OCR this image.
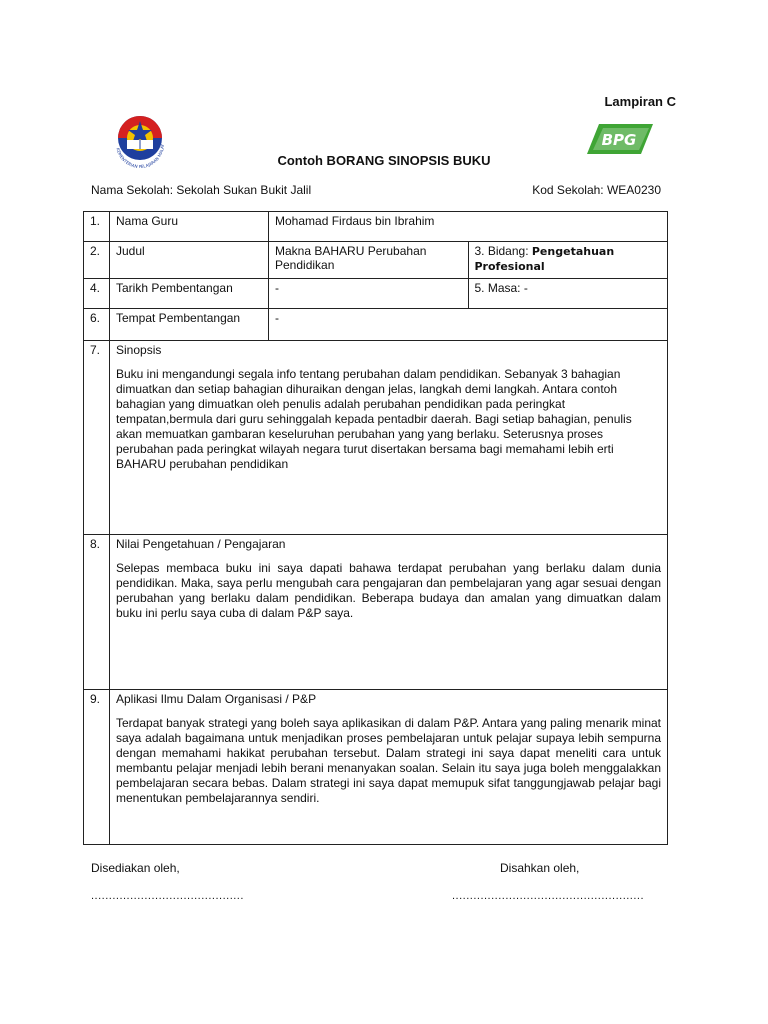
Lampiran C
KEMENTERIAN PELAJARAN MALAY	BPG
Contoh BORANG SINOPSIS BUKU
Nama Sekolah: Sekolah Sukan Bukit Jalil	Kod Sekolah: WEA0230
1.	Nama Guru	Mohamad Firdaus bin Ibrahim	
2.	Judul	Makna BAHARU Perubahan Pendidikan	3. Bidang: Pengetahuan Profesional
4.	Tarikh Pembentangan	-	5. Masa: -
6.	Tempat Pembentangan	-	
7.	Sinopsis
Buku ini mengandungi segala info tentang perubahan dalam pendidikan. Sebanyak 3 bahagian dimuatkan dan setiap bahagian dihuraikan dengan jelas, langkah demi langkah. Antara contoh bahagian yang dimuatkan oleh penulis adalah perubahan pendidikan pada peringkat tempatan,bermula dari guru sehinggalah kepada pentadbir daerah. Bagi setiap bahagian, penulis akan memuatkan gambaran keseluruhan perubahan yang yang berlaku. Seterusnya proses perubahan pada peringkat wilayah negara turut disertakan bersama bagi memahami lebih erti BAHARU perubahan pendidikan		

8.	Nilai Pengetahuan / Pengajaran
Selepas membaca buku ini saya dapati bahawa terdapat perubahan yang berlaku dalam dunia pendidikan. Maka, saya perlu mengubah cara pengajaran dan pembelajaran yang agar sesuai dengan perubahan yang berlaku dalam pendidikan. Beberapa budaya dan amalan yang dimuatkan dalam buku ini perlu saya cuba di dalam P&P saya.		

9.	Aplikasi Ilmu Dalam Organisasi / P&P
Terdapat banyak strategi yang boleh saya aplikasikan di dalam P&P. Antara yang paling menarik minat saya adalah bagaimana untuk menjadikan proses pembelajaran untuk pelajar supaya lebih sempurna dengan memahami hakikat perubahan tersebut. Dalam strategi ini saya dapat meneliti cara untuk membantu pelajar menjadi lebih berani menanyakan soalan. Selain itu saya juga boleh menggalakkan pembelajaran secara bebas. Dalam strategi ini saya dapat memupuk sifat tanggungjawab pelajar bagi menentukan pembelajarannya sendiri.		
Disediakan oleh,	Disahkan oleh,
...........................................	......................................................
